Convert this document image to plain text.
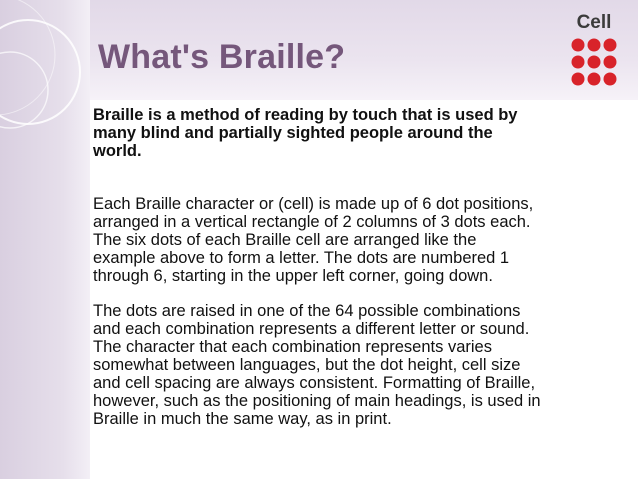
What's Braille?
Cell

Braille is a method of reading by touch that is used by
many blind and partially sighted people around the
world.

Each Braille character or (cell) is made up of 6 dot positions,
arranged in a vertical rectangle of 2 columns of 3 dots each.
The six dots of each Braille cell are arranged like the
example above to form a letter. The dots are numbered 1
through 6, starting in the upper left corner, going down.

The dots are raised in one of the 64 possible combinations
and each combination represents a different letter or sound.
The character that each combination represents varies
somewhat between languages, but the dot height, cell size
and cell spacing are always consistent. Formatting of Braille,
however, such as the positioning of main headings, is used in
Braille in much the same way, as in print.
